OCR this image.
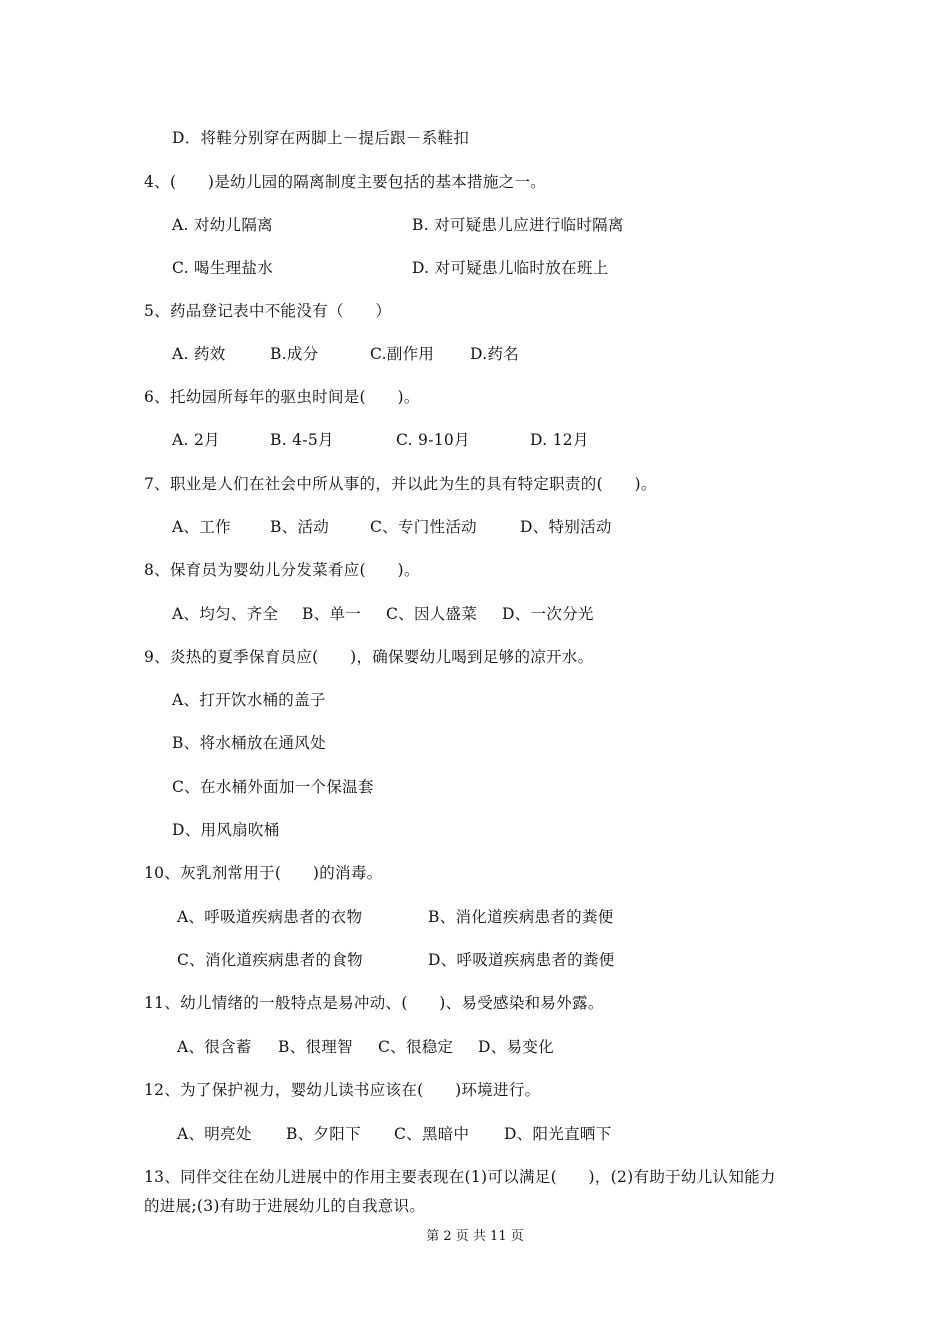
D．将鞋分别穿在两脚上－提后跟－系鞋扣
4、(　　)是幼儿园的隔离制度主要包括的基本措施之一。
A. 对幼儿隔离	B. 对可疑患儿应进行临时隔离
C. 喝生理盐水	D. 对可疑患儿临时放在班上
5、药品登记表中不能没有（　　）
A. 药效	B.成分	C.副作用 D.药名
6、托幼园所每年的驱虫时间是(　　)。
A. 2月	B. 4-5月	C. 9-10月	D. 12月
7、职业是人们在社会中所从事的，并以此为生的具有特定职责的(　　)。
A、工作	B、活动	C、专门性活动	D、特别活动
8、保育员为婴幼儿分发菜肴应(　　)。
A、均匀、齐全 B、单一 C、因人盛菜 D、一次分光
9、炎热的夏季保育员应(　　)，确保婴幼儿喝到足够的凉开水。
A、打开饮水桶的盖子
B、将水桶放在通风处
C、在水桶外面加一个保温套
D、用风扇吹桶
10、灰乳剂常用于(　　)的消毒。
A、呼吸道疾病患者的衣物	B、消化道疾病患者的粪便
C、消化道疾病患者的食物	D、呼吸道疾病患者的粪便
11、幼儿情绪的一般特点是易冲动、(　　)、易受感染和易外露。
A、很含蓄 B、很理智 C、很稳定 D、易变化
12、为了保护视力，婴幼儿读书应该在(　　)环境进行。
A、明亮处 B、夕阳下 C、黑暗中 D、阳光直晒下
13、同伴交往在幼儿进展中的作用主要表现在(1)可以满足(　　)，(2)有助于幼儿认知能力
的进展;(3)有助于进展幼儿的自我意识。
第 2 页 共 11 页
